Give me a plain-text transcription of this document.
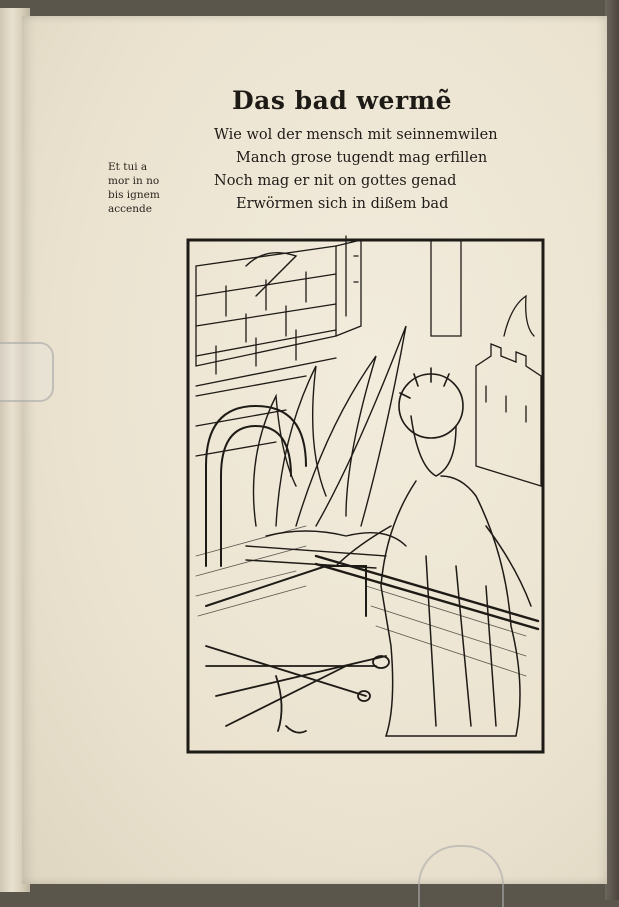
Das bad wermẽ
Wie wol der mensch mit seinnemwilen
Manch grose tugendt mag erfillen
Noch mag er nit on gottes genad
Erwörmen sich in dißem bad
Et tui a
mor in no
bis ignem
accende
